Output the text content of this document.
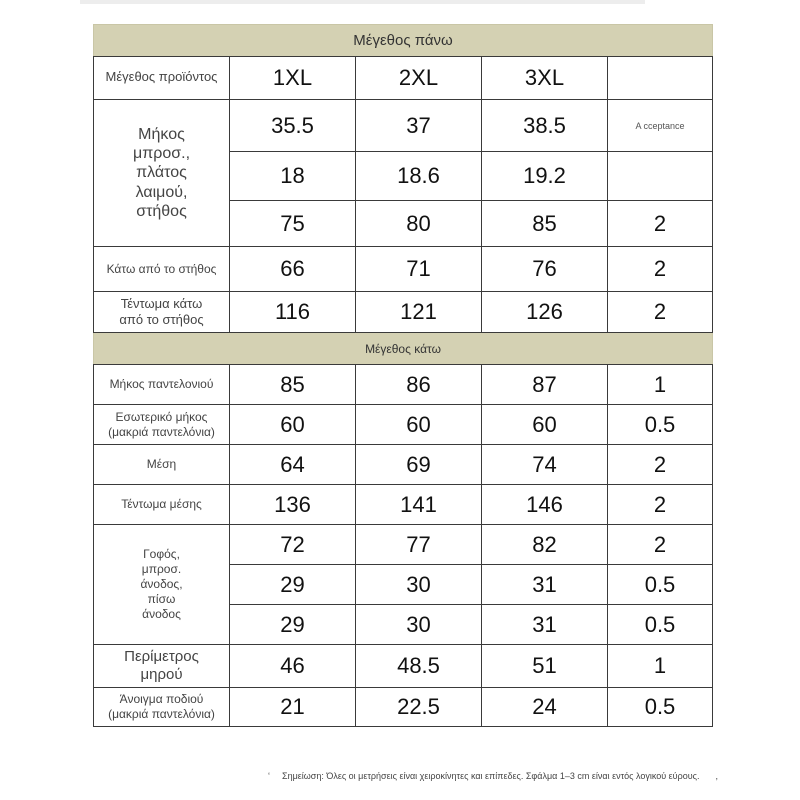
Μέγεθος πάνω				
Μέγεθος προϊόντος	1XL	2XL	3XL	
Μήκος μπροσ., πλάτος λαιμού, στήθος	35.5	37	38.5	A cceptance
	18	18.6	19.2	
	75	80	85	2
Κάτω από το στήθος	66	71	76	2
Τέντωμα κάτω από το στήθος	116	121	126	2
Μέγεθος κάτω				
Μήκος παντελονιού	85	86	87	1
Εσωτερικό μήκος (μακριά παντελόνια)	60	60	60	0.5
Μέση	64	69	74	2
Τέντωμα μέσης	136	141	146	2
Γοφός, μπροσ. άνοδος, πίσω άνοδος	72	77	82	2
	29	30	31	0.5
	29	30	31	0.5
Περίμετρος μηρού	46	48.5	51	1
Άνοιγμα ποδιού (μακριά παντελόνια)	21	22.5	24	0.5
ʻ Σημείωση: Όλες οι μετρήσεις είναι χειροκίνητες και επίπεδες. Σφάλμα 1–3 cm είναι εντός λογικού εύρους. ,
